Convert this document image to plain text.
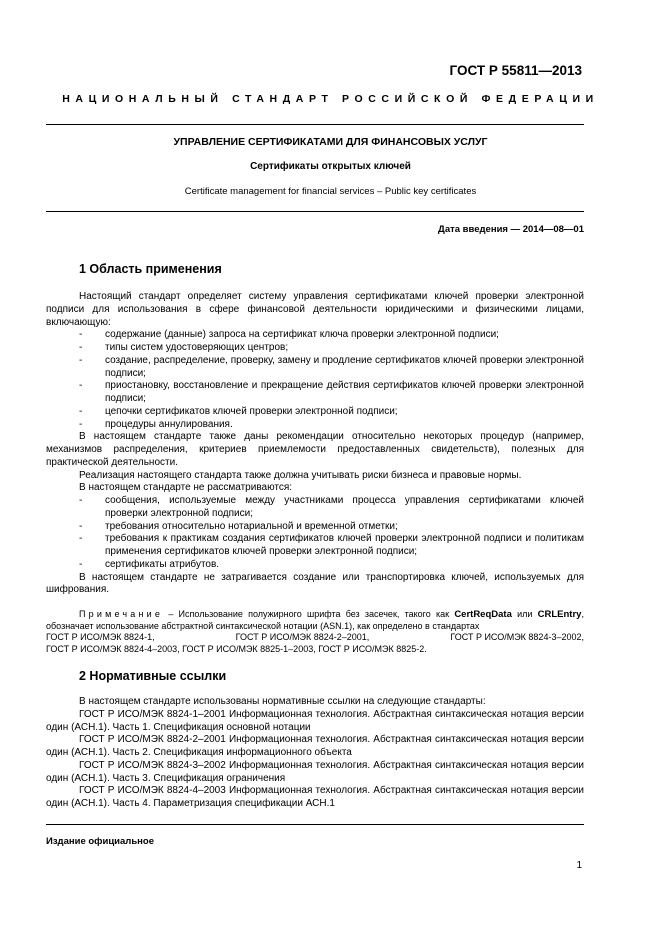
ГОСТ Р 55811—2013
НАЦИОНАЛЬНЫЙ СТАНДАРТ РОССИЙСКОЙ ФЕДЕРАЦИИ
УПРАВЛЕНИЕ СЕРТИФИКАТАМИ ДЛЯ ФИНАНСОВЫХ УСЛУГ
Сертификаты открытых ключей
Certificate management for financial services – Public key certificates
Дата введения — 2014—08—01
1 Область применения

Настоящий стандарт определяет систему управления сертификатами ключей проверки электронной подписи для использования в сфере финансовой деятельности юридическими и физическими лицами, включающую:

-	содержание (данные) запроса на сертификат ключа проверки электронной подписи;
-	типы систем удостоверяющих центров;
-	создание, распределение, проверку, замену и продление сертификатов ключей проверки электронной подписи;
-	приостановку, восстановление и прекращение действия сертификатов ключей проверки электронной подписи;
-	цепочки сертификатов ключей проверки электронной подписи;
-	процедуры аннулирования.

В настоящем стандарте также даны рекомендации относительно некоторых процедур (например, механизмов распределения, критериев приемлемости предоставленных свидетельств), полезных для практической деятельности.

Реализация настоящего стандарта также должна учитывать риски бизнеса и правовые нормы.

В настоящем стандарте не рассматриваются:

-	сообщения, используемые между участниками процесса управления сертификатами ключей проверки электронной подписи;
-	требования относительно нотариальной и временной отметки;
-	требования к практикам создания сертификатов ключей проверки электронной подписи и политикам применения сертификатов ключей проверки электронной подписи;
-	сертификаты атрибутов.

В настоящем стандарте не затрагивается создание или транспортировка ключей, используемых для шифрования.

Примечание – Использование полужирного шрифта без засечек, такого как CertReqData или CRLEntry, обозначает использование абстрактной синтаксической нотации (ASN.1), как определено в стандартах

ГОСТ Р ИСО/МЭК 8824-1,	ГОСТ Р ИСО/МЭК 8824-2–2001,	ГОСТ Р ИСО/МЭК 8824-3–2002,

ГОСТ Р ИСО/МЭК 8824-4–2003, ГОСТ Р ИСО/МЭК 8825-1–2003, ГОСТ Р ИСО/МЭК 8825-2.

2 Нормативные ссылки

В настоящем стандарте использованы нормативные ссылки на следующие стандарты:

ГОСТ Р ИСО/МЭК 8824-1–2001 Информационная технология. Абстрактная синтаксическая нотация версии один (АСН.1). Часть 1. Спецификация основной нотации

ГОСТ Р ИСО/МЭК 8824-2–2001 Информационная технология. Абстрактная синтаксическая нотация версии один (АСН.1). Часть 2. Спецификация информационного объекта

ГОСТ Р ИСО/МЭК 8824-3–2002 Информационная технология. Абстрактная синтаксическая нотация версии один (АСН.1). Часть 3. Спецификация ограничения

ГОСТ Р ИСО/МЭК 8824-4–2003 Информационная технология. Абстрактная синтаксическая нотация версии один (АСН.1). Часть 4. Параметризация спецификации АСН.1

Издание официальное
1
